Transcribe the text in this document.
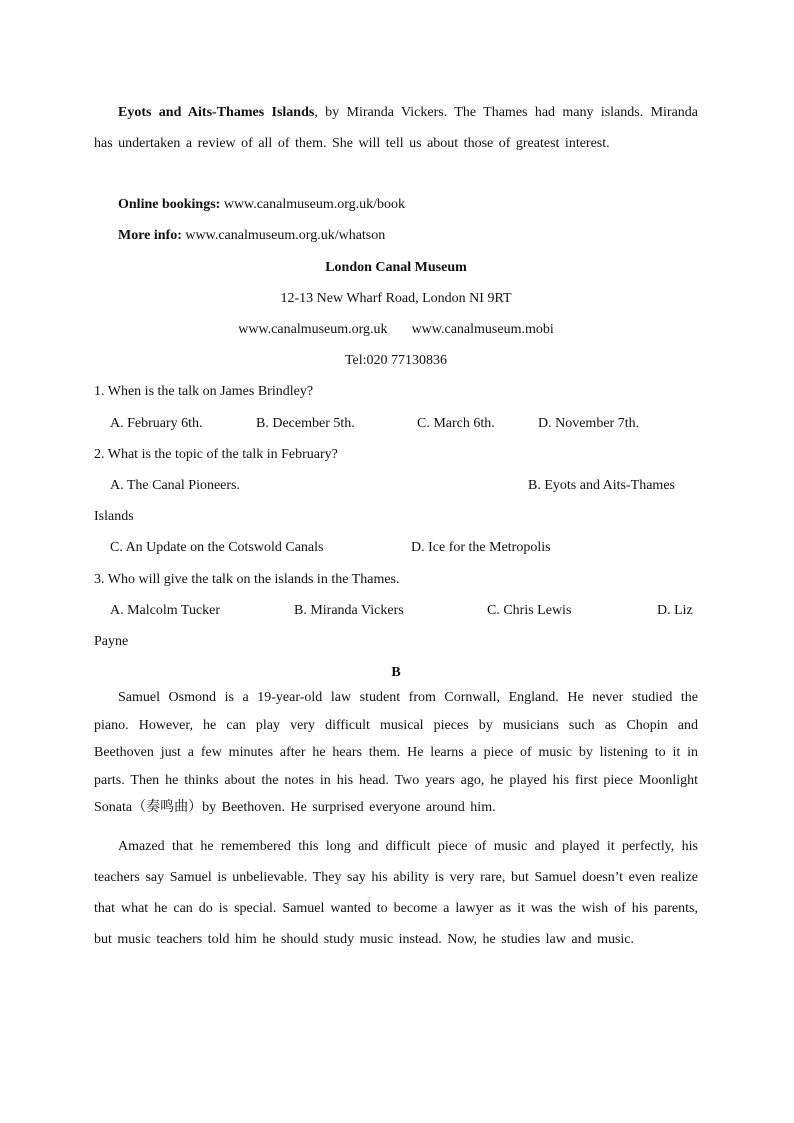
Eyots and Aits-Thames Islands, by Miranda Vickers. The Thames had many islands. Miranda has undertaken a review of all of them. She will tell us about those of greatest interest.

Online bookings: www.canalmuseum.org.uk/book
More info: www.canalmuseum.org.uk/whatson
London Canal Museum
12-13 New Wharf Road, London NI 9RT
www.canalmuseum.org.uk www.canalmuseum.mobi
Tel:020 77130836
1. When is the talk on James Brindley?
A. February 6th.	B. December 5th.	C. March 6th.	D. November 7th.
2. What is the topic of the talk in February?
A. The Canal Pioneers.	B. Eyots and Aits-Thames
Islands
C. An Update on the Cotswold Canals	D. Ice for the Metropolis
3. Who will give the talk on the islands in the Thames.
A. Malcolm Tucker	B. Miranda Vickers	C. Chris Lewis	D. Liz
Payne
B

Samuel Osmond is a 19-year-old law student from Cornwall, England. He never studied the piano. However, he can play very difficult musical pieces by musicians such as Chopin and Beethoven just a few minutes after he hears them. He learns a piece of music by listening to it in parts. Then he thinks about the notes in his head. Two years ago, he played his first piece Moonlight Sonata（奏鸣曲）by Beethoven. He surprised everyone around him.

Amazed that he remembered this long and difficult piece of music and played it perfectly, his teachers say Samuel is unbelievable. They say his ability is very rare, but Samuel doesn’t even realize that what he can do is special. Samuel wanted to become a lawyer as it was the wish of his parents, but music teachers told him he should study music instead. Now, he studies law and music.
